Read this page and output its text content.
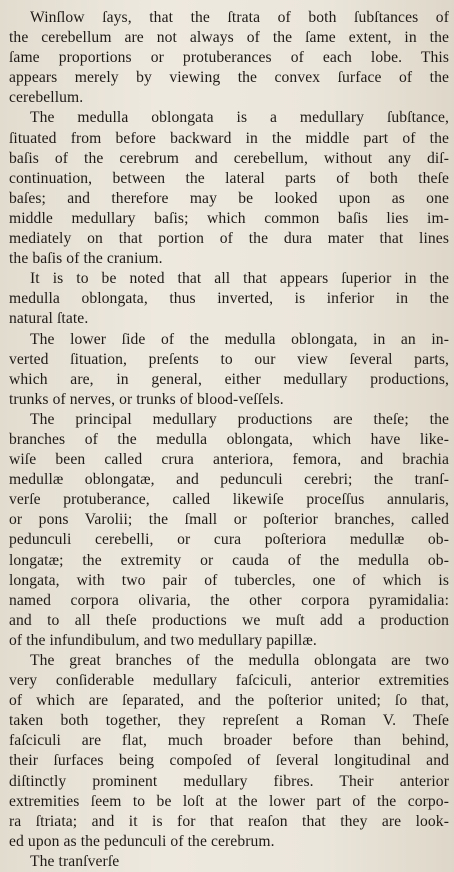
Winſlow ſays, that the ſtrata of both ſubſtances of
the cerebellum are not always of the ſame extent, in the
ſame proportions or protuberances of each lobe. This
appears merely by viewing the convex ſurface of the
cerebellum.
The medulla oblongata is a medullary ſubſtance,
ſituated from before backward in the middle part of the
baſis of the cerebrum and cerebellum, without any diſ-
continuation, between the lateral parts of both theſe
baſes; and therefore may be looked upon as one
middle medullary baſis; which common baſis lies im-
mediately on that portion of the dura mater that lines
the baſis of the cranium.
It is to be noted that all that appears ſuperior in the
medulla oblongata, thus inverted, is inferior in the
natural ſtate.
The lower ſide of the medulla oblongata, in an in-
verted ſituation, preſents to our view ſeveral parts,
which are, in general, either medullary productions,
trunks of nerves, or trunks of blood-veſſels.
The principal medullary productions are theſe; the
branches of the medulla oblongata, which have like-
wiſe been called crura anteriora, femora, and brachia
medullæ oblongatæ, and pedunculi cerebri; the tranſ-
verſe protuberance, called likewiſe proceſſus annularis,
or pons Varolii; the ſmall or poſterior branches, called
pedunculi cerebelli, or cura poſteriora medullæ ob-
longatæ; the extremity or cauda of the medulla ob-
longata, with two pair of tubercles, one of which is
named corpora olivaria, the other corpora pyramidalia:
and to all theſe productions we muſt add a production
of the infundibulum, and two medullary papillæ.
The great branches of the medulla oblongata are two
very conſiderable medullary faſciculi, anterior extremities
of which are ſeparated, and the poſterior united; ſo that,
taken both together, they repreſent a Roman V. Theſe
faſciculi are flat, much broader before than behind,
their ſurfaces being compoſed of ſeveral longitudinal and
diſtinctly prominent medullary fibres. Their anterior
extremities ſeem to be loſt at the lower part of the corpo-
ra ſtriata; and it is for that reaſon that they are look-
ed upon as the pedunculi of the cerebrum.
The tranſverſe
